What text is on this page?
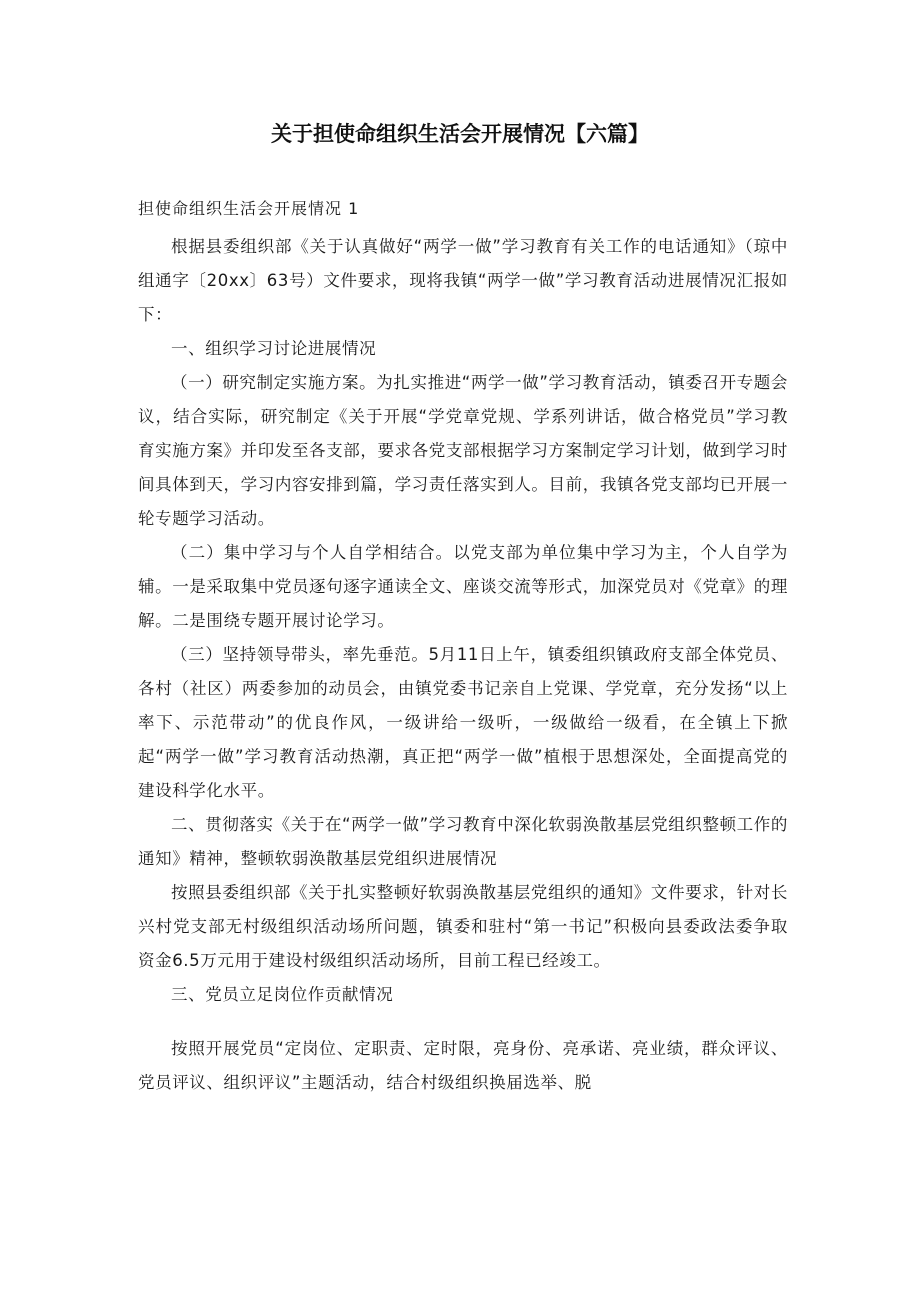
关于担使命组织生活会开展情况【六篇】
担使命组织生活会开展情况 1

根据县委组织部《关于认真做好“两学一做”学习教育有关工作的电话通知》（琼中组通字〔20xx〕63号）文件要求，现将我镇“两学一做”学习教育活动进展情况汇报如下：

一、组织学习讨论进展情况

（一）研究制定实施方案。为扎实推进“两学一做”学习教育活动，镇委召开专题会议，结合实际，研究制定《关于开展“学党章党规、学系列讲话，做合格党员”学习教育实施方案》并印发至各支部，要求各党支部根据学习方案制定学习计划，做到学习时间具体到天，学习内容安排到篇，学习责任落实到人。目前，我镇各党支部均已开展一轮专题学习活动。

（二）集中学习与个人自学相结合。以党支部为单位集中学习为主，个人自学为辅。一是采取集中党员逐句逐字通读全文、座谈交流等形式，加深党员对《党章》的理解。二是围绕专题开展讨论学习。

（三）坚持领导带头，率先垂范。5月11日上午，镇委组织镇政府支部全体党员、各村（社区）两委参加的动员会，由镇党委书记亲自上党课、学党章，充分发扬“以上率下、示范带动”的优良作风，一级讲给一级听，一级做给一级看，在全镇上下掀起“两学一做”学习教育活动热潮，真正把“两学一做”植根于思想深处，全面提高党的建设科学化水平。

二、贯彻落实《关于在“两学一做”学习教育中深化软弱涣散基层党组织整顿工作的通知》精神，整顿软弱涣散基层党组织进展情况

按照县委组织部《关于扎实整顿好软弱涣散基层党组织的通知》文件要求，针对长兴村党支部无村级组织活动场所问题，镇委和驻村“第一书记”积极向县委政法委争取资金6.5万元用于建设村级组织活动场所，目前工程已经竣工。

三、党员立足岗位作贡献情况

按照开展党员“定岗位、定职责、定时限，亮身份、亮承诺、亮业绩，群众评议、党员评议、组织评议”主题活动，结合村级组织换届选举、脱
